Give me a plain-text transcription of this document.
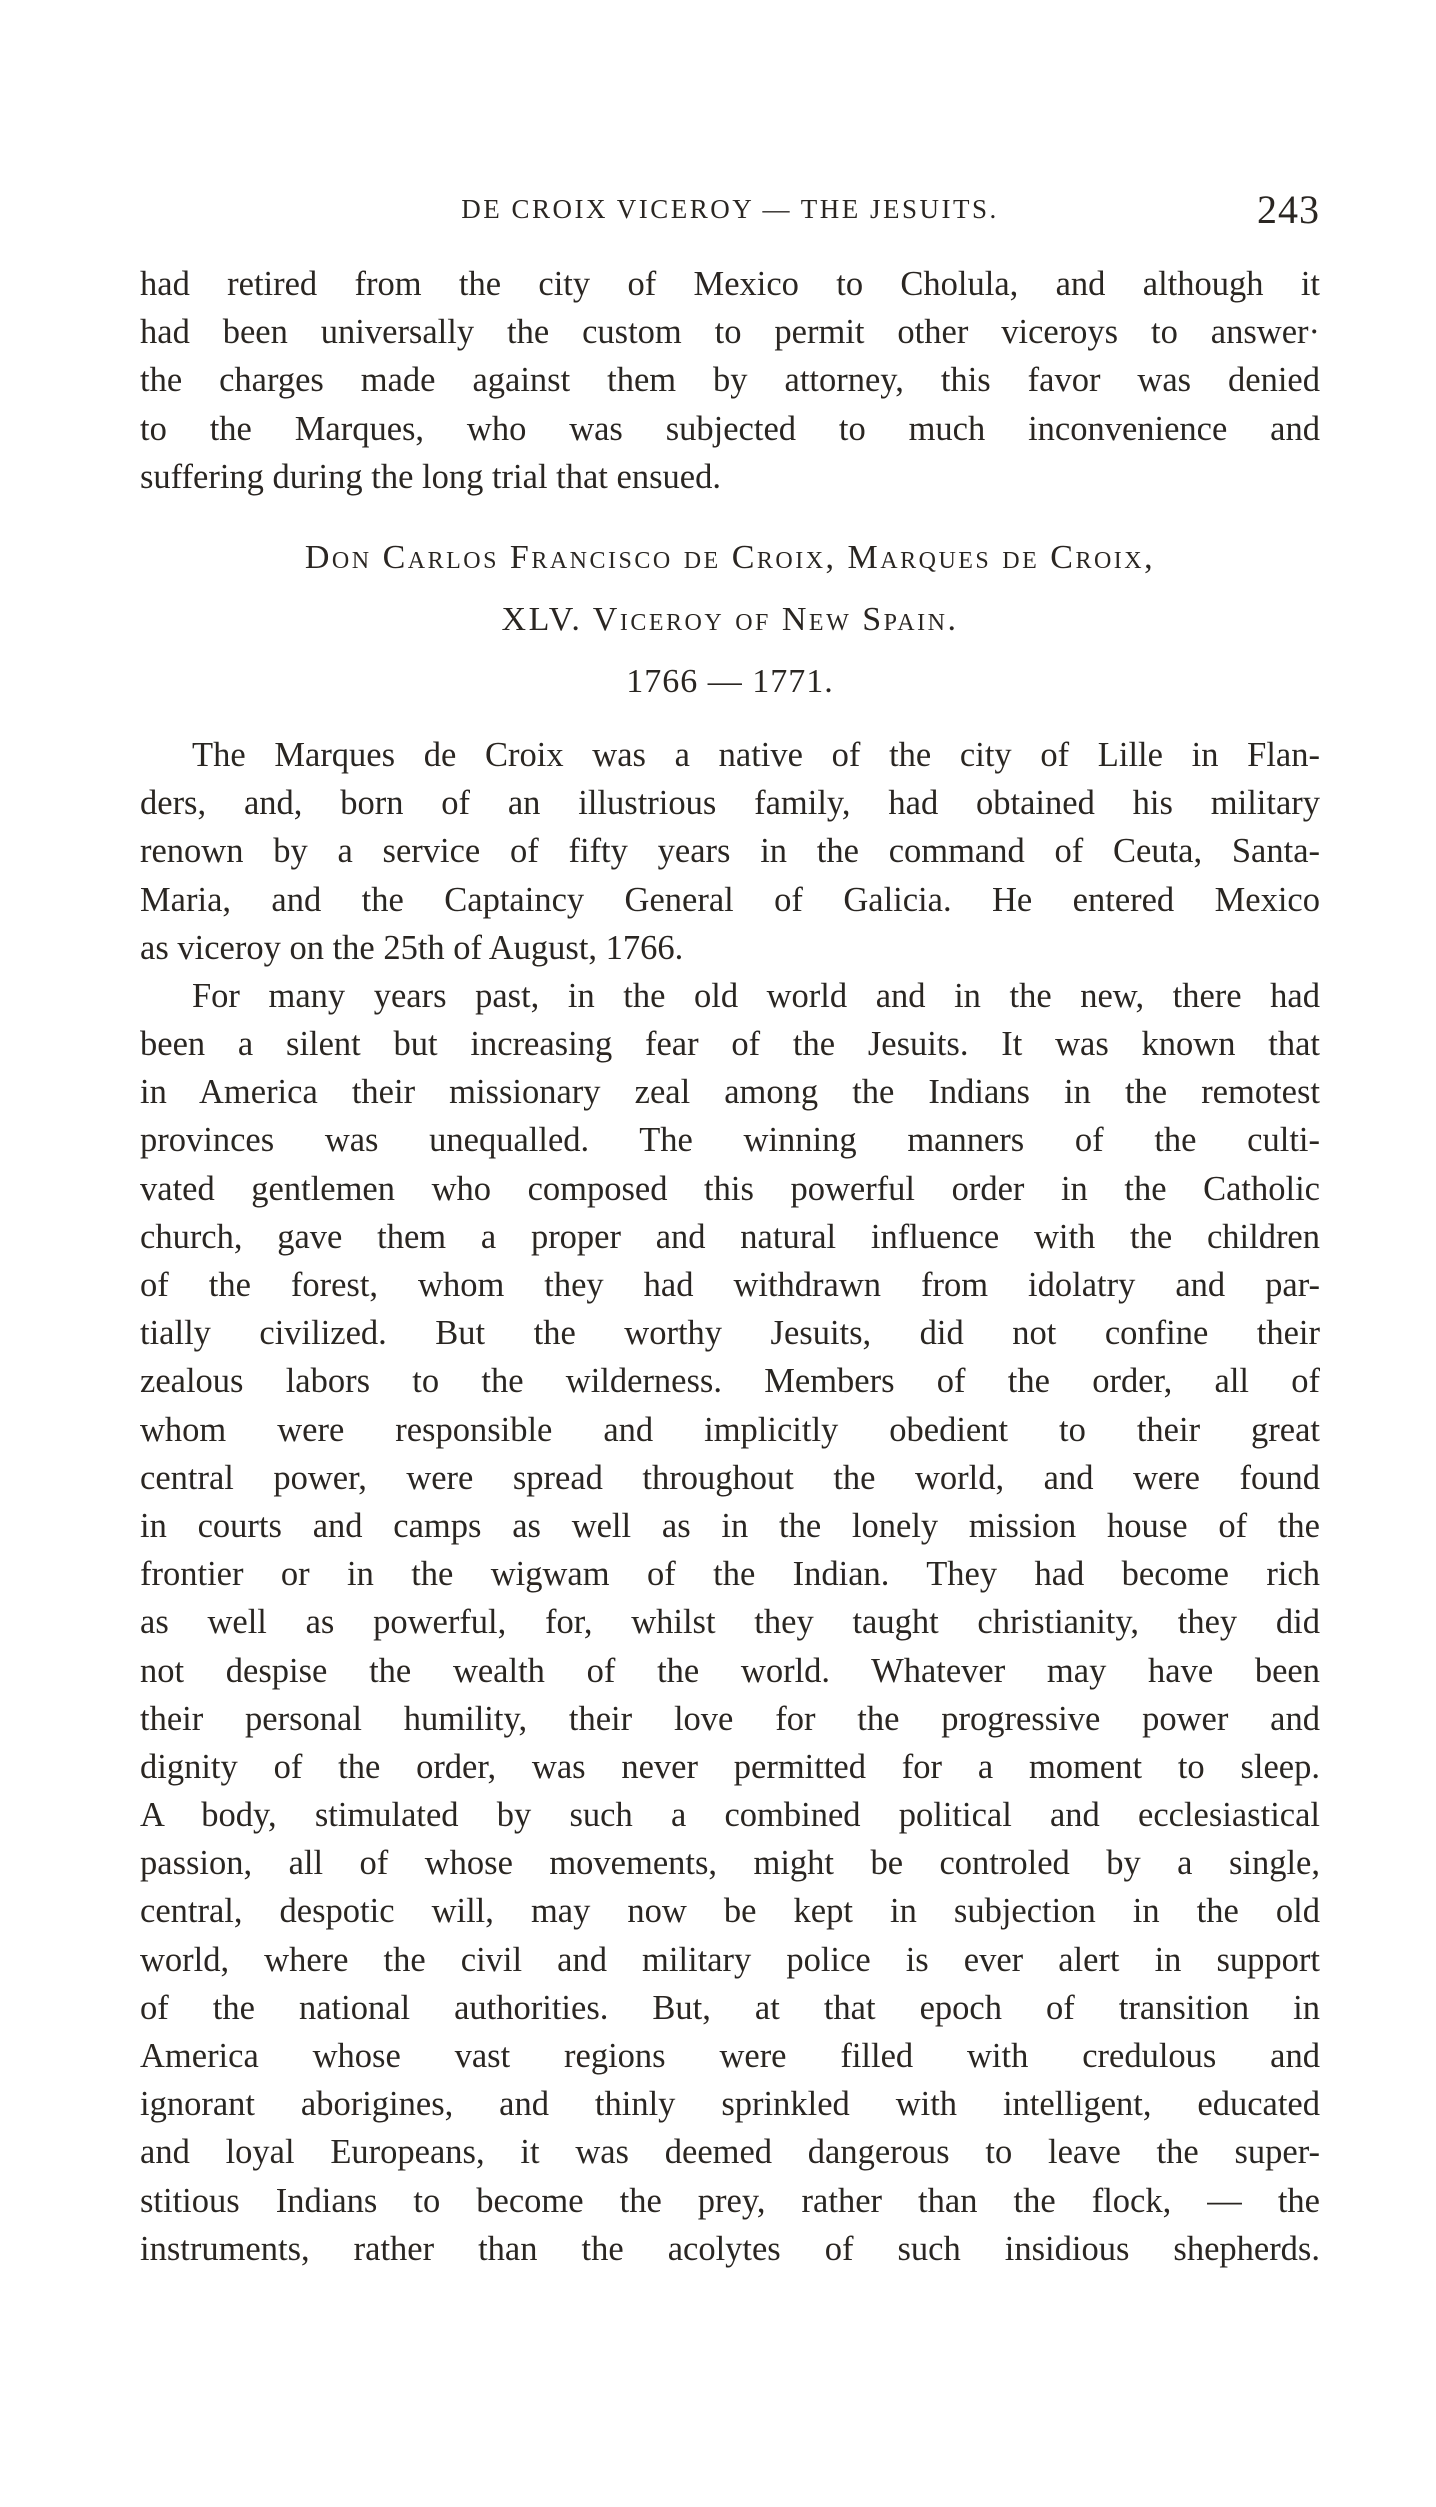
DE CROIX VICEROY — THE JESUITS.	243
had retired from the city of Mexico to Cholula, and although it
had been universally the custom to permit other viceroys to answer·
the charges made against them by attorney, this favor was denied
to the Marques, who was subjected to much inconvenience and
suffering during the long trial that ensued.
Don Carlos Francisco de Croix, Marques de Croix,
XLV. Viceroy of New Spain.
1766 — 1771.
The Marques de Croix was a native of the city of Lille in Flan-
ders, and, born of an illustrious family, had obtained his military
renown by a service of fifty years in the command of Ceuta, Santa-
Maria, and the Captaincy General of Galicia. He entered Mexico
as viceroy on the 25th of August, 1766.
For many years past, in the old world and in the new, there had
been a silent but increasing fear of the Jesuits. It was known that
in America their missionary zeal among the Indians in the remotest
provinces was unequalled. The winning manners of the culti-
vated gentlemen who composed this powerful order in the Catholic
church, gave them a proper and natural influence with the children
of the forest, whom they had withdrawn from idolatry and par-
tially civilized. But the worthy Jesuits, did not confine their
zealous labors to the wilderness. Members of the order, all of
whom were responsible and implicitly obedient to their great
central power, were spread throughout the world, and were found
in courts and camps as well as in the lonely mission house of the
frontier or in the wigwam of the Indian. They had become rich
as well as powerful, for, whilst they taught christianity, they did
not despise the wealth of the world. Whatever may have been
their personal humility, their love for the progressive power and
dignity of the order, was never permitted for a moment to sleep.
A body, stimulated by such a combined political and ecclesiastical
passion, all of whose movements, might be controled by a single,
central, despotic will, may now be kept in subjection in the old
world, where the civil and military police is ever alert in support
of the national authorities. But, at that epoch of transition in
America whose vast regions were filled with credulous and
ignorant aborigines, and thinly sprinkled with intelligent, educated
and loyal Europeans, it was deemed dangerous to leave the super-
stitious Indians to become the prey, rather than the flock, — the
instruments, rather than the acolytes of such insidious shepherds.
